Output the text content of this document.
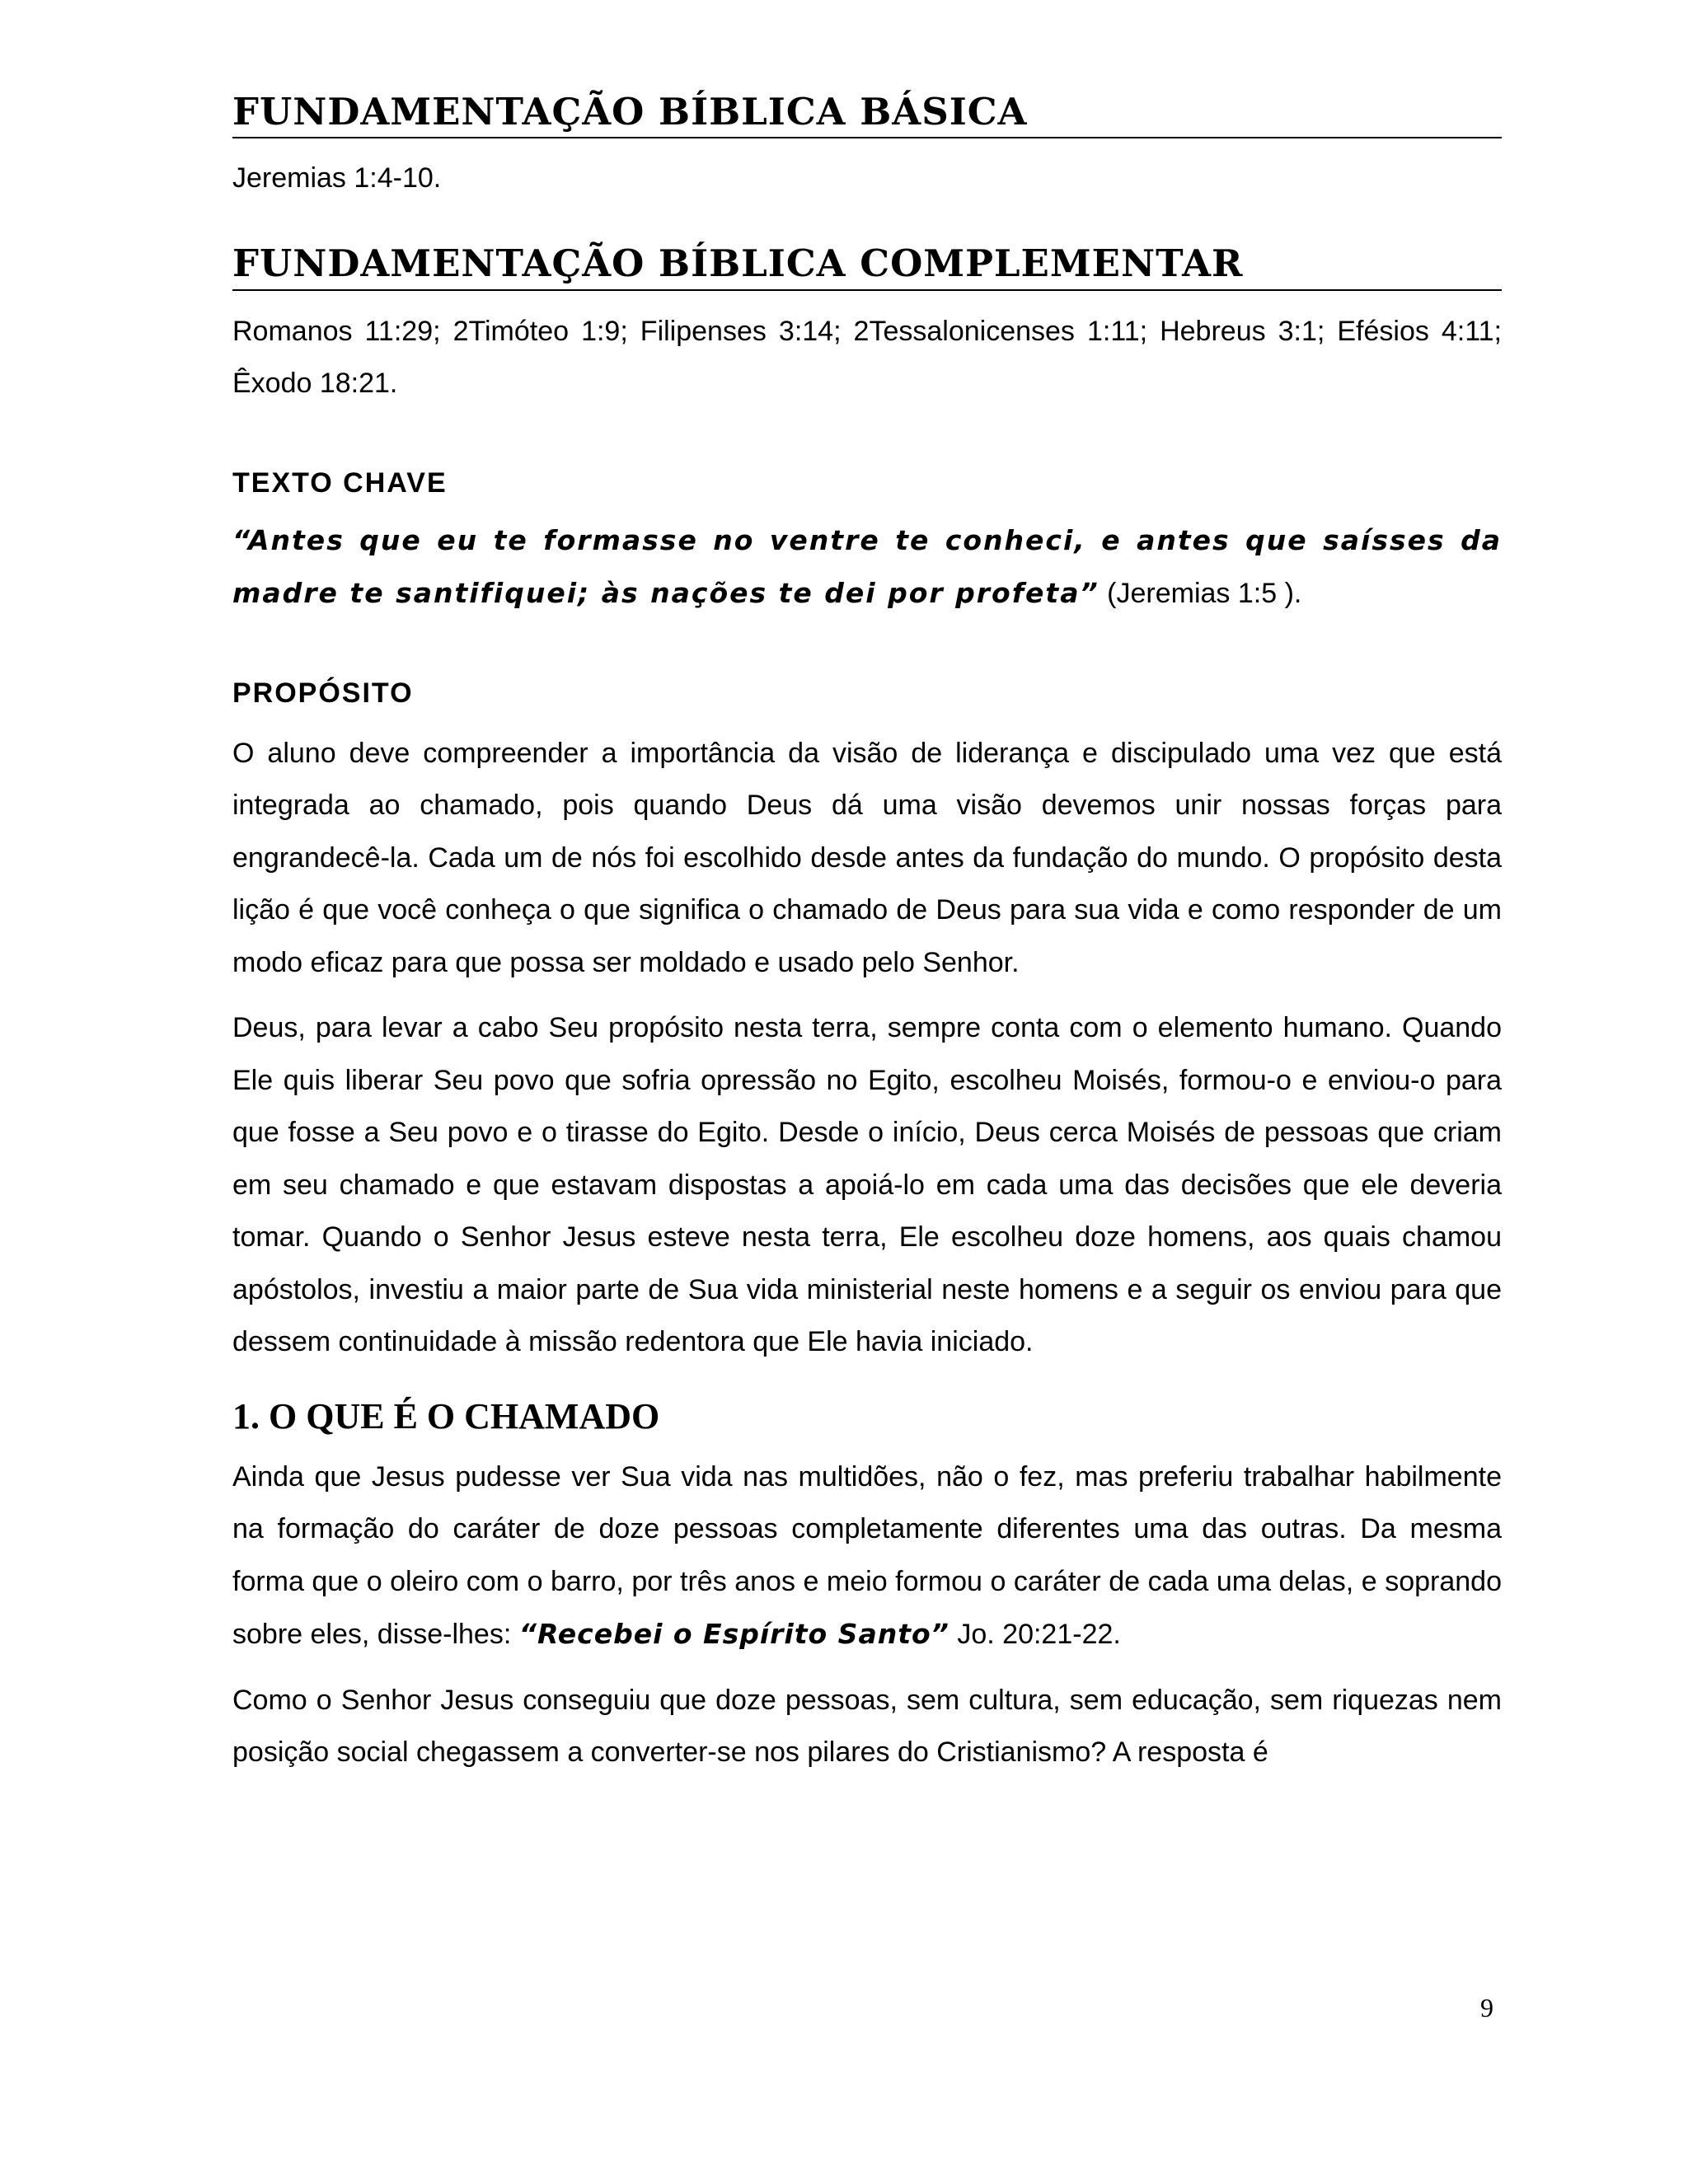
FUNDAMENTAÇÃO BÍBLICA BÁSICA

Jeremias 1:4-10.

FUNDAMENTAÇÃO BÍBLICA COMPLEMENTAR

Romanos 11:29; 2Timóteo 1:9; Filipenses 3:14; 2Tessalonicenses 1:11; Hebreus 3:1; Efésios 4:11; Êxodo 18:21.

TEXTO CHAVE

“Antes que eu te formasse no ventre te conheci, e antes que saísses da madre te santifiquei; às nações te dei por profeta” (Jeremias 1:5 ).

PROPÓSITO

O aluno deve compreender a importância da visão de liderança e discipulado uma vez que está integrada ao chamado, pois quando Deus dá uma visão devemos unir nossas forças para engrandecê-la. Cada um de nós foi escolhido desde antes da fundação do mundo. O propósito desta lição é que você conheça o que significa o chamado de Deus para sua vida e como responder de um modo eficaz para que possa ser moldado e usado pelo Senhor.

Deus, para levar a cabo Seu propósito nesta terra, sempre conta com o elemento humano. Quando Ele quis liberar Seu povo que sofria opressão no Egito, escolheu Moisés, formou-o e enviou-o para que fosse a Seu povo e o tirasse do Egito. Desde o início, Deus cerca Moisés de pessoas que criam em seu chamado e que estavam dispostas a apoiá-lo em cada uma das decisões que ele deveria tomar. Quando o Senhor Jesus esteve nesta terra, Ele escolheu doze homens, aos quais chamou apóstolos, investiu a maior parte de Sua vida ministerial neste homens e a seguir os enviou para que dessem continuidade à missão redentora que Ele havia iniciado.

1. O QUE É O CHAMADO

Ainda que Jesus pudesse ver Sua vida nas multidões, não o fez, mas preferiu trabalhar habilmente na formação do caráter de doze pessoas completamente diferentes uma das outras. Da mesma forma que o oleiro com o barro, por três anos e meio formou o caráter de cada uma delas, e soprando sobre eles, disse-lhes: “Recebei o Espírito Santo” Jo. 20:21-22.

Como o Senhor Jesus conseguiu que doze pessoas, sem cultura, sem educação, sem riquezas nem posição social chegassem a converter-se nos pilares do Cristianismo? A resposta é

9
